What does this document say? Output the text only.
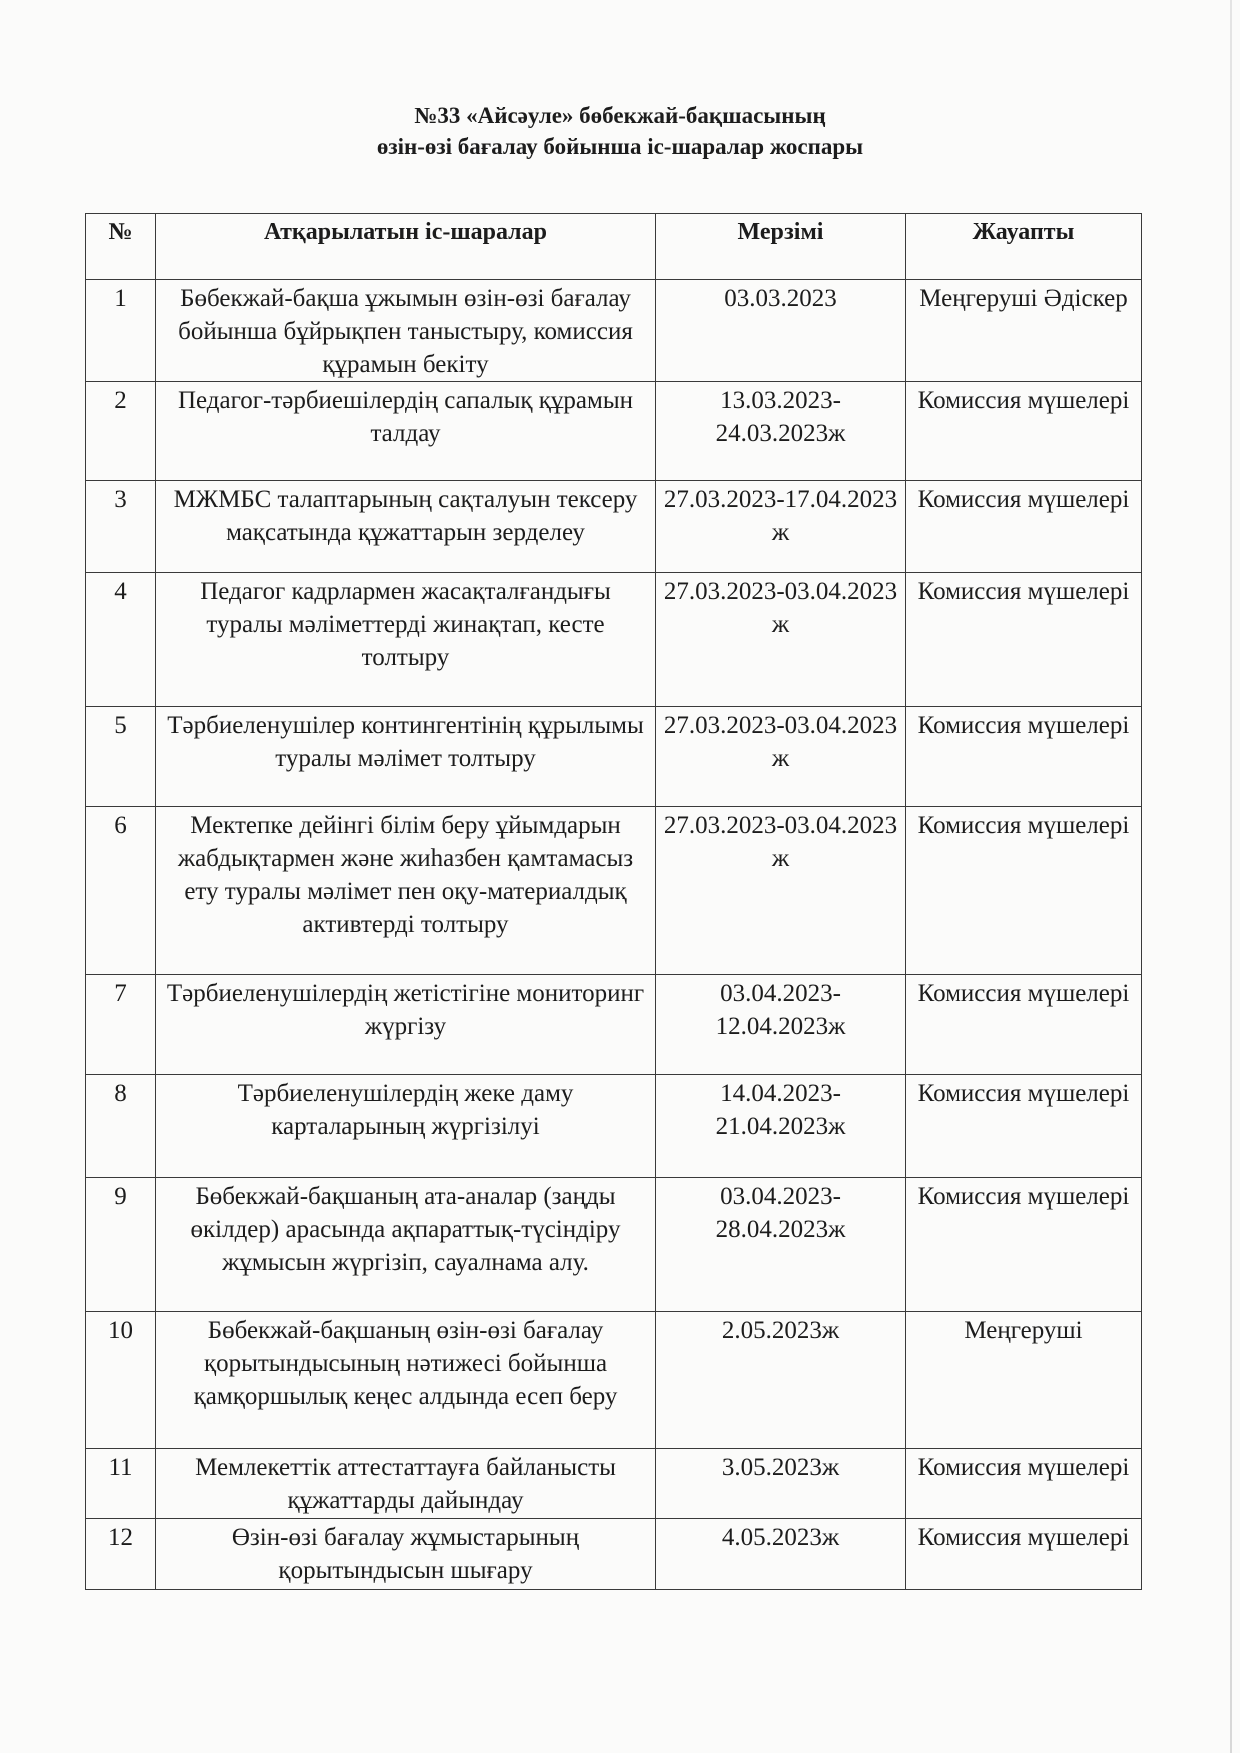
№33 «Айсәуле» бөбекжай-бақшасының
өзін-өзі бағалау бойынша іс-шаралар жоспары
№	Атқарылатын іс-шаралар	Мерзімі	Жауапты
1	Бөбекжай-бақша ұжымын өзін-өзі бағалау бойынша бұйрықпен таныстыру, комиссия құрамын бекіту	03.03.2023	Меңгеруші Әдіскер
2	Педагог-тәрбиешілердің сапалық құрамын талдау	13.03.2023-24.03.2023ж	Комиссия мүшелері
3	МЖМБС талаптарының сақталуын тексеру мақсатында құжаттарын зерделеу	27.03.2023-17.04.2023 ж	Комиссия мүшелері
4	Педагог кадрлармен жасақталғандығы туралы мәліметтерді жинақтап, кесте толтыру	27.03.2023-03.04.2023 ж	Комиссия мүшелері
5	Тәрбиеленушілер контингентінің құрылымы туралы мәлімет толтыру	27.03.2023-03.04.2023 ж	Комиссия мүшелері
6	Мектепке дейінгі білім беру ұйымдарын жабдықтармен және жиһазбен қамтамасыз ету туралы мәлімет пен оқу-материалдық активтерді толтыру	27.03.2023-03.04.2023 ж	Комиссия мүшелері
7	Тәрбиеленушілердің жетістігіне мониторинг жүргізу	03.04.2023-12.04.2023ж	Комиссия мүшелері
8	Тәрбиеленушілердің жеке даму карталарының жүргізілуі	14.04.2023-21.04.2023ж	Комиссия мүшелері
9	Бөбекжай-бақшаның ата-аналар (заңды өкілдер) арасында ақпараттық-түсіндіру жұмысын жүргізіп, сауалнама алу.	03.04.2023-28.04.2023ж	Комиссия мүшелері
10	Бөбекжай-бақшаның өзін-өзі бағалау қорытындысының нәтижесі бойынша қамқоршылық кеңес алдында есеп беру	2.05.2023ж	Меңгеруші
11	Мемлекеттік аттестаттауға байланысты құжаттарды дайындау	3.05.2023ж	Комиссия мүшелері
12	Өзін-өзі бағалау жұмыстарының қорытындысын шығару	4.05.2023ж	Комиссия мүшелері
